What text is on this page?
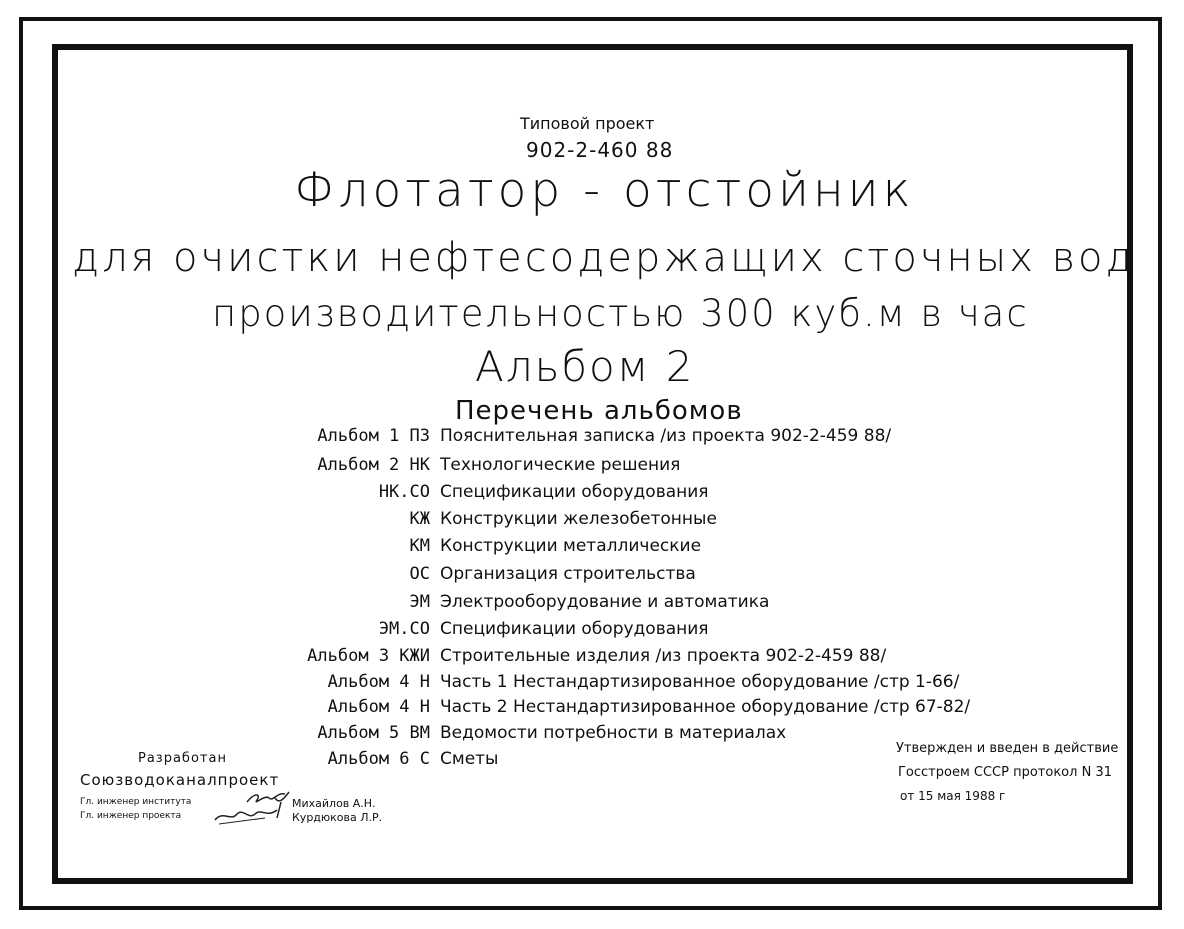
Типовой проект
902-2-460 88
Флотатор - отстойник
для очистки нефтесодержащих сточных вод
производительностью 300 куб.м в час
Альбом 2
Перечень альбомов
Альбом 1 ПЗ Пояснительная записка /из проекта 902-2-459 88/
Альбом 2 НК Технологические решения
НК.СО Спецификации оборудования
КЖ Конструкции железобетонные
КМ Конструкции металлические
ОС Организация строительства
ЭМ Электрооборудование и автоматика
ЭМ.СО Спецификации оборудования
Альбом 3 КЖИ Строительные изделия /из проекта 902-2-459 88/
Альбом 4 Н Часть 1 Нестандартизированное оборудование /стр 1-66/
Альбом 4 Н Часть 2 Нестандартизированное оборудование /стр 67-82/
Альбом 5 ВМ Ведомости потребности в материалах
Альбом 6 С Сметы
Разработан
Союзводоканалпроект
Гл. инженер института
Гл. инженер проекта
Михайлов А.Н.
Курдюкова Л.Р.
Утвержден и введен в действие
Госстроем СССР протокол N 31
от 15 мая 1988 г
